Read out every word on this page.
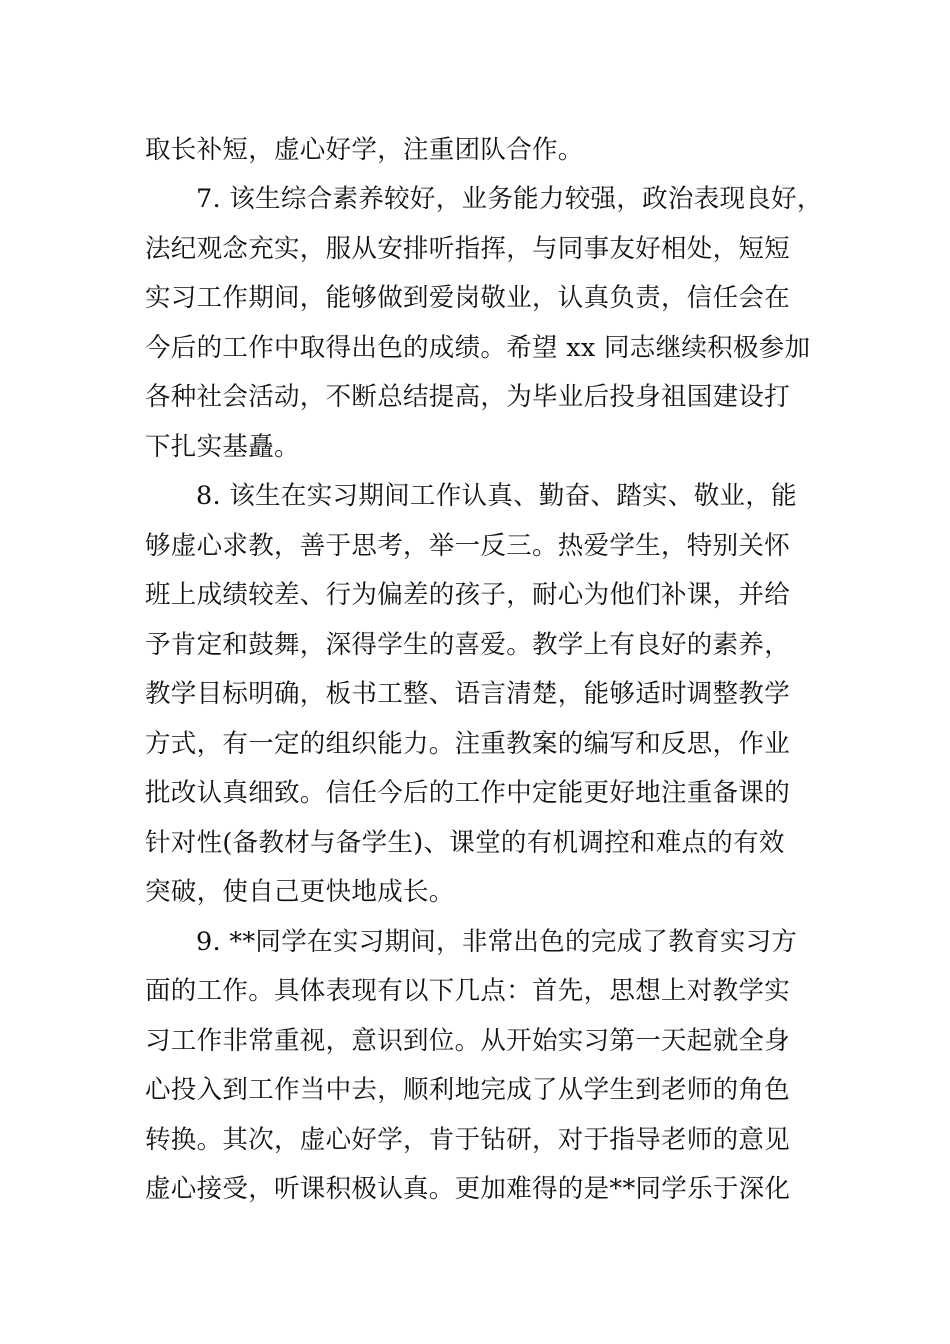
取长补短，虚心好学，注重团队合作。
7. 该生综合素养较好，业务能力较强，政治表现良好，
法纪观念充实，服从安排听指挥，与同事友好相处，短短
实习工作期间，能够做到爱岗敬业，认真负责，信任会在
今后的工作中取得出色的成绩。希望 xx 同志继续积极参加
各种社会活动，不断总结提高，为毕业后投身祖国建设打
下扎实基矗。
8. 该生在实习期间工作认真、勤奋、踏实、敬业，能
够虚心求教，善于思考，举一反三。热爱学生，特别关怀
班上成绩较差、行为偏差的孩子，耐心为他们补课，并给
予肯定和鼓舞，深得学生的喜爱。教学上有良好的素养，
教学目标明确，板书工整、语言清楚，能够适时调整教学
方式，有一定的组织能力。注重教案的编写和反思，作业
批改认真细致。信任今后的工作中定能更好地注重备课的
针对性(备教材与备学生)、课堂的有机调控和难点的有效
突破，使自己更快地成长。
9. **同学在实习期间，非常出色的完成了教育实习方
面的工作。具体表现有以下几点：首先，思想上对教学实
习工作非常重视，意识到位。从开始实习第一天起就全身
心投入到工作当中去，顺利地完成了从学生到老师的角色
转换。其次，虚心好学，肯于钻研，对于指导老师的意见
虚心接受，听课积极认真。更加难得的是**同学乐于深化
